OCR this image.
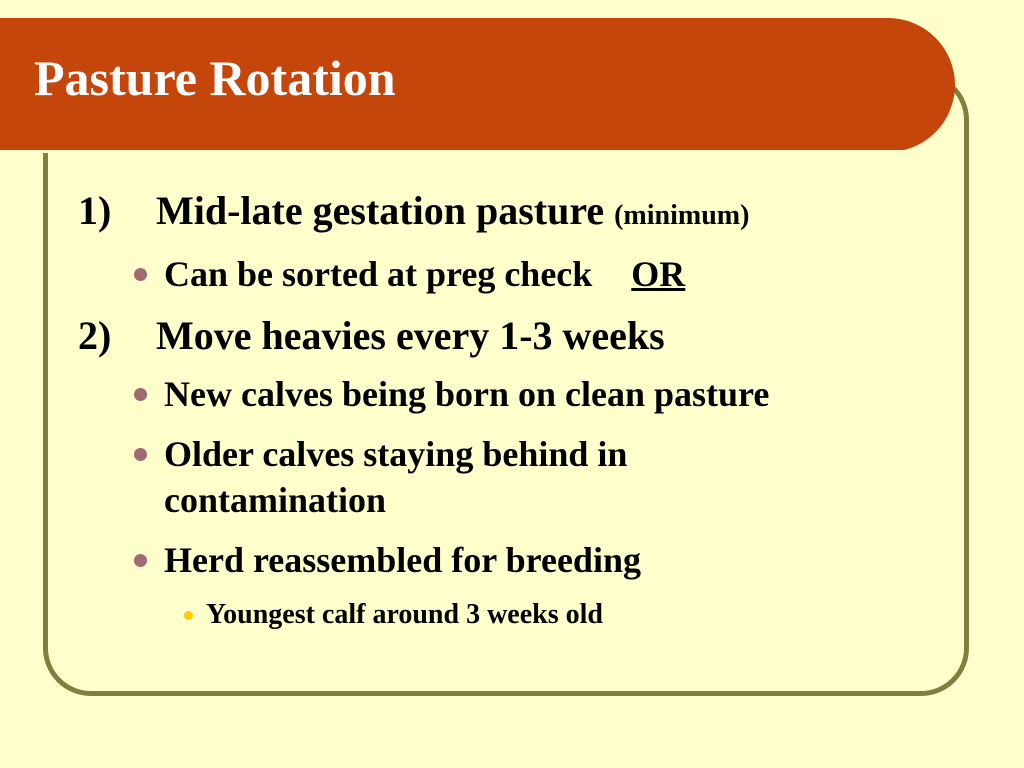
Pasture Rotation
1) Mid-late gestation pasture (minimum)
Can be sorted at preg check OR
2) Move heavies every 1-3 weeks
New calves being born on clean pasture
Older calves staying behind in contamination
Herd reassembled for breeding
Youngest calf around 3 weeks old
